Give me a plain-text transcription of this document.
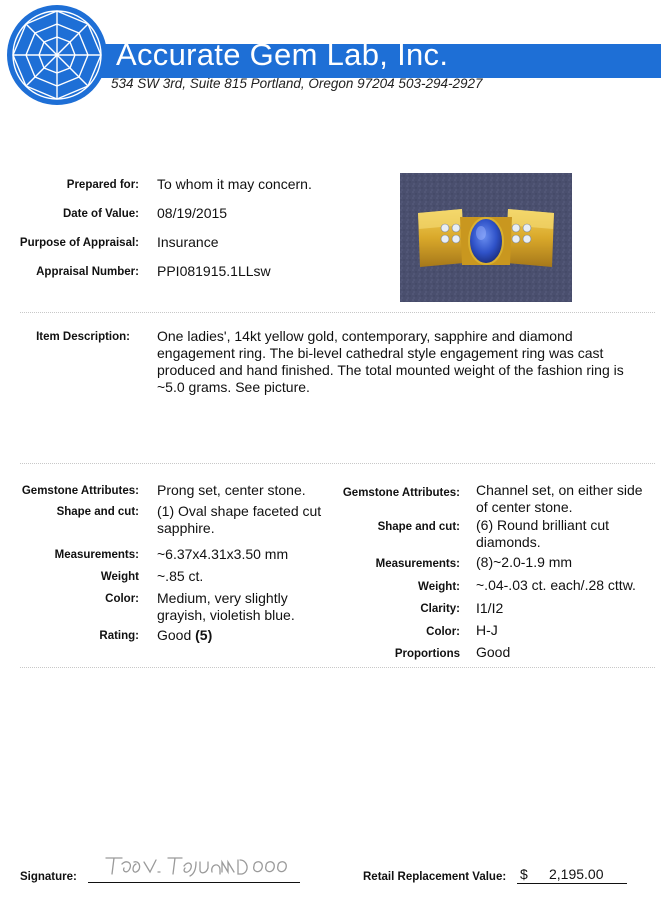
Accurate Gem Lab, Inc.
534 SW 3rd, Suite 815 Portland, Oregon 97204 503-294-2927
Prepared for: To whom it may concern.
Date of Value: 08/19/2015
Purpose of Appraisal: Insurance
Appraisal Number: PPI081915.1LLsw
Item Description: One ladies', 14kt yellow gold, contemporary, sapphire and diamond engagement ring. The bi-level cathedral style engagement ring was cast produced and hand finished. The total mounted weight of the fashion ring is ~5.0 grams. See picture.
Gemstone Attributes: Prong set, center stone.
Shape and cut: (1) Oval shape faceted cut sapphire.
Measurements: ~6.37x4.31x3.50 mm
Weight ~.85 ct.
Color: Medium, very slightly grayish, violetish blue.
Rating: Good (5)
Gemstone Attributes: Channel set, on either side of center stone.
Shape and cut: (6) Round brilliant cut diamonds.
Measurements: (8)~2.0-1.9 mm
Weight: ~.04-.03 ct. each/.28 cttw.
Clarity: I1/I2
Color: H-J
Proportions Good
Signature:	Retail Replacement Value: $ 2,195.00
